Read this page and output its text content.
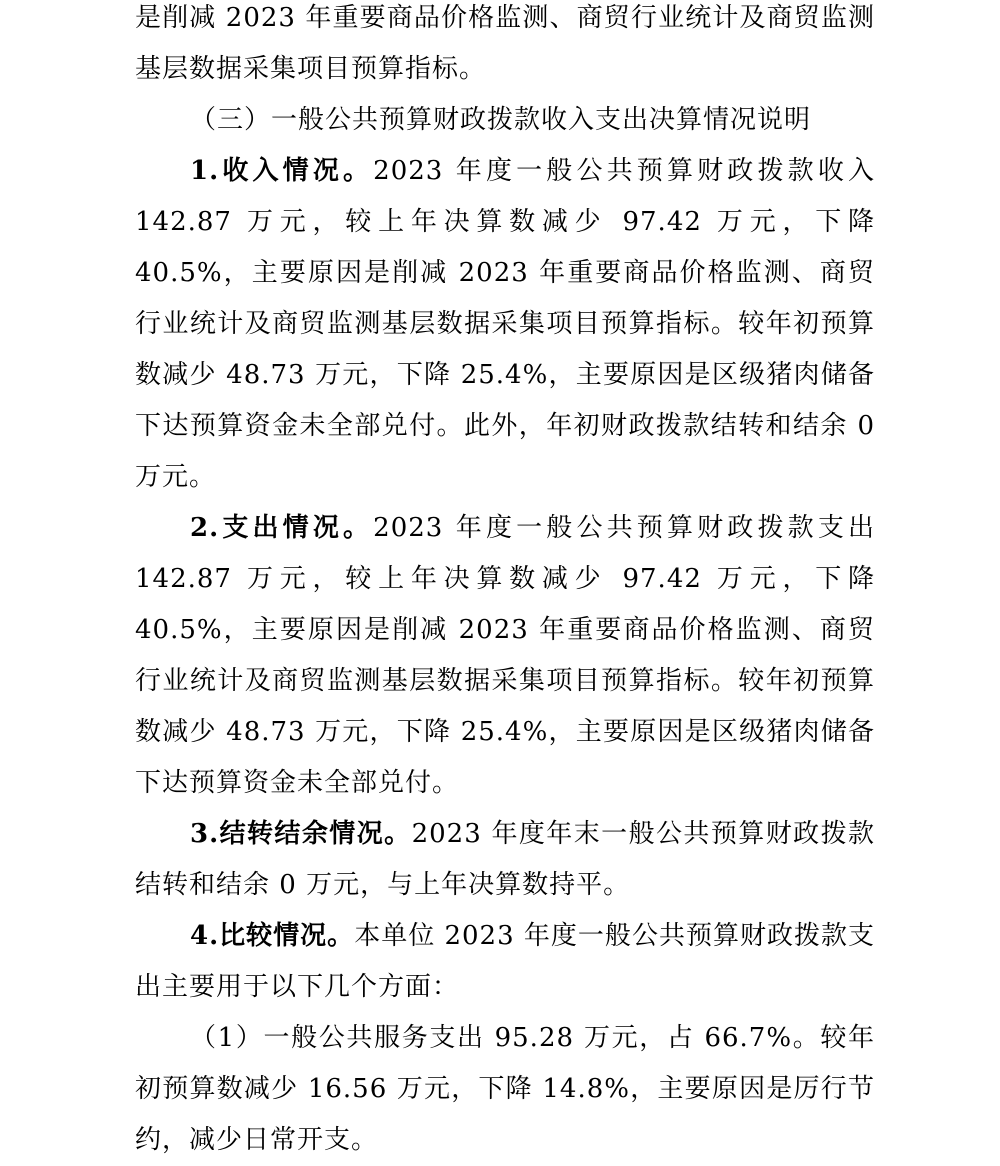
是削减 2023 年重要商品价格监测、商贸行业统计及商贸监测基层数据采集项目预算指标。

（三）一般公共预算财政拨款收入支出决算情况说明

1.收入情况。2023 年度一般公共预算财政拨款收入 142.87 万元，较上年决算数减少 97.42 万元，下降 40.5%，主要原因是削减 2023 年重要商品价格监测、商贸行业统计及商贸监测基层数据采集项目预算指标。较年初预算数减少 48.73 万元，下降 25.4%，主要原因是区级猪肉储备下达预算资金未全部兑付。此外，年初财政拨款结转和结余 0 万元。

2.支出情况。2023 年度一般公共预算财政拨款支出 142.87 万元，较上年决算数减少 97.42 万元，下降 40.5%，主要原因是削减 2023 年重要商品价格监测、商贸行业统计及商贸监测基层数据采集项目预算指标。较年初预算数减少 48.73 万元，下降 25.4%，主要原因是区级猪肉储备下达预算资金未全部兑付。

3.结转结余情况。2023 年度年末一般公共预算财政拨款结转和结余 0 万元，与上年决算数持平。

4.比较情况。本单位 2023 年度一般公共预算财政拨款支出主要用于以下几个方面：

（1）一般公共服务支出 95.28 万元，占 66.7%。较年初预算数减少 16.56 万元，下降 14.8%，主要原因是厉行节约，减少日常开支。
